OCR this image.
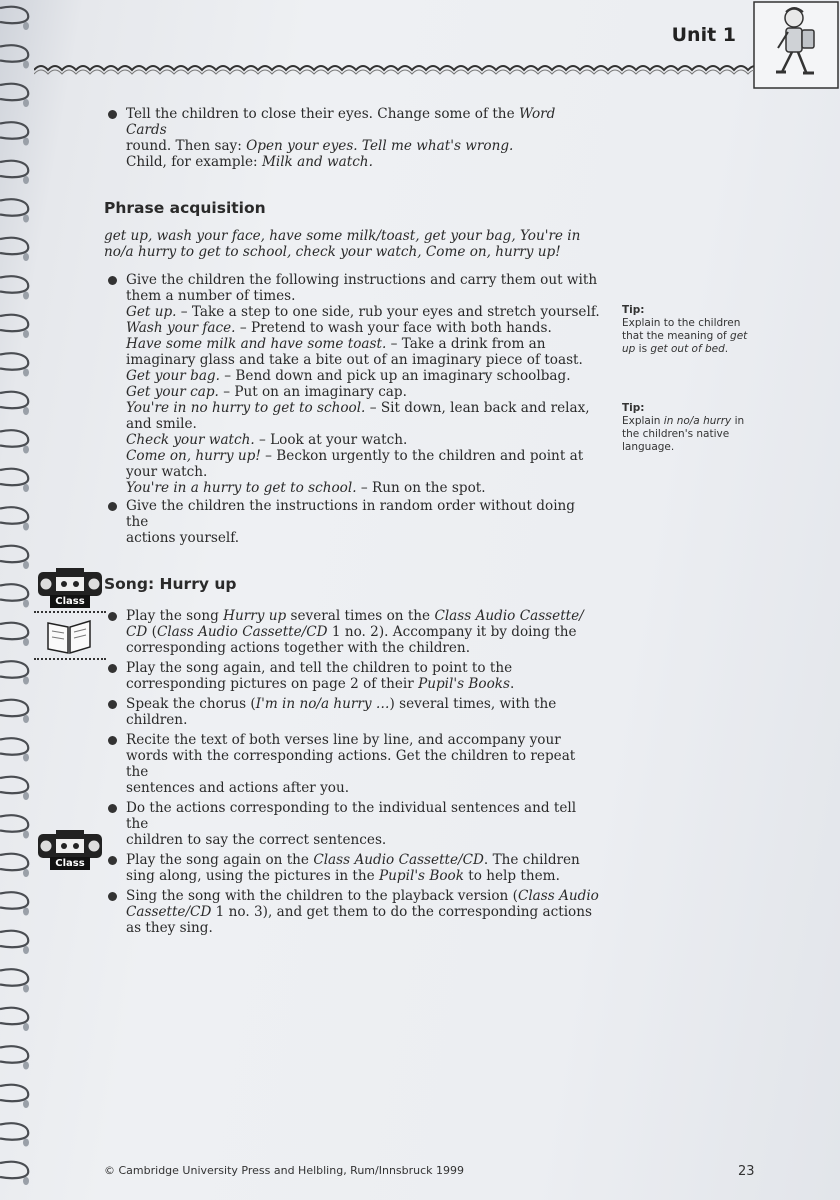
Unit 1
Tell the children to close their eyes. Change some of the Word Cards
round. Then say: Open your eyes. Tell me what's wrong.
Child, for example: Milk and watch.
Phrase acquisition
get up, wash your face, have some milk/toast, get your bag, You're in
no/a hurry to get to school, check your watch, Come on, hurry up!
Give the children the following instructions and carry them out with
them a number of times.
Get up. – Take a step to one side, rub your eyes and stretch yourself.
Wash your face. – Pretend to wash your face with both hands.
Have some milk and have some toast. – Take a drink from an
imaginary glass and take a bite out of an imaginary piece of toast.
Get your bag. – Bend down and pick up an imaginary schoolbag.
Get your cap. – Put on an imaginary cap.
You're in no hurry to get to school. – Sit down, lean back and relax,
and smile.
Check your watch. – Look at your watch.
Come on, hurry up! – Beckon urgently to the children and point at
your watch.
You're in a hurry to get to school. – Run on the spot.
Give the children the instructions in random order without doing the
actions yourself.
Song: Hurry up
Play the song Hurry up several times on the Class Audio Cassette/
CD (Class Audio Cassette/CD 1 no. 2). Accompany it by doing the
corresponding actions together with the children.
Play the song again, and tell the children to point to the
corresponding pictures on page 2 of their Pupil's Books.
Speak the chorus (I'm in no/a hurry …) several times, with the children.
Recite the text of both verses line by line, and accompany your
words with the corresponding actions. Get the children to repeat the
sentences and actions after you.
Do the actions corresponding to the individual sentences and tell the
children to say the correct sentences.
Play the song again on the Class Audio Cassette/CD. The children
sing along, using the pictures in the Pupil's Book to help them.
Sing the song with the children to the playback version (Class Audio
Cassette/CD 1 no. 3), and get them to do the corresponding actions
as they sing.
Tip:
Explain to the children
that the meaning of get
up is get out of bed.
Tip:
Explain in no/a hurry in
the children's native
language.
Class
Class
© Cambridge University Press and Helbling, Rum/Innsbruck 1999	23
